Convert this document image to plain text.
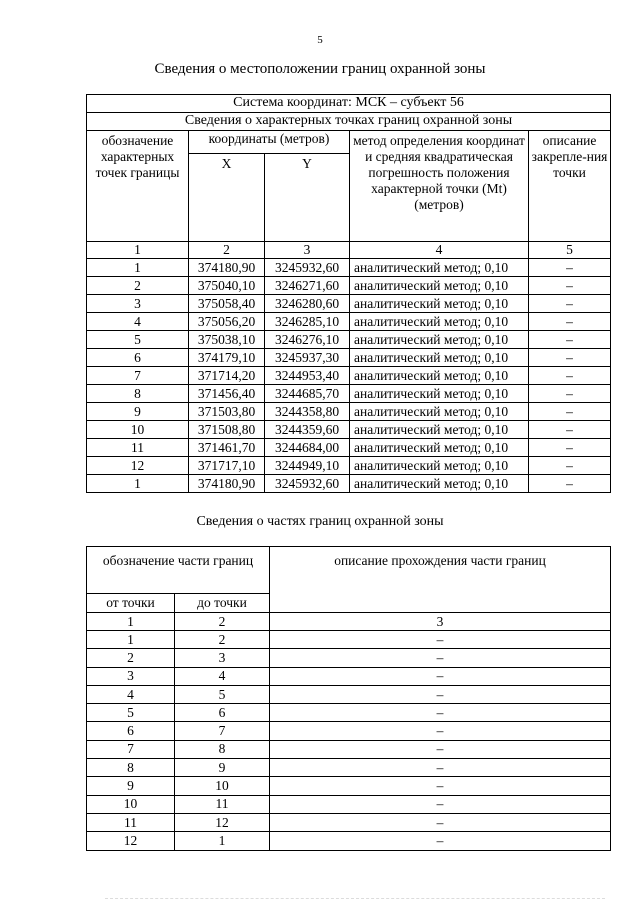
5
Сведения о местоположении границ охранной зоны
Система координат: МСК – субъект 56				
Сведения о характерных точках границ охранной зоны				
обозначение характерных точек границы	координаты (метров)		метод определения координат и средняя квадратическая погрешность положения характерной точки (Mt) (метров)	описание закрепле-ния точки
	X	Y		
1	2	3	4	5
1	374180,90	3245932,60	аналитический метод; 0,10	–
2	375040,10	3246271,60	аналитический метод; 0,10	–
3	375058,40	3246280,60	аналитический метод; 0,10	–
4	375056,20	3246285,10	аналитический метод; 0,10	–
5	375038,10	3246276,10	аналитический метод; 0,10	–
6	374179,10	3245937,30	аналитический метод; 0,10	–
7	371714,20	3244953,40	аналитический метод; 0,10	–
8	371456,40	3244685,70	аналитический метод; 0,10	–
9	371503,80	3244358,80	аналитический метод; 0,10	–
10	371508,80	3244359,60	аналитический метод; 0,10	–
11	371461,70	3244684,00	аналитический метод; 0,10	–
12	371717,10	3244949,10	аналитический метод; 0,10	–
1	374180,90	3245932,60	аналитический метод; 0,10	–
Сведения о частях границ охранной зоны
обозначение части границ		описание прохождения части границ
от точки	до точки	
1	2	3
1	2	–
2	3	–
3	4	–
4	5	–
5	6	–
6	7	–
7	8	–
8	9	–
9	10	–
10	11	–
11	12	–
12	1	–
